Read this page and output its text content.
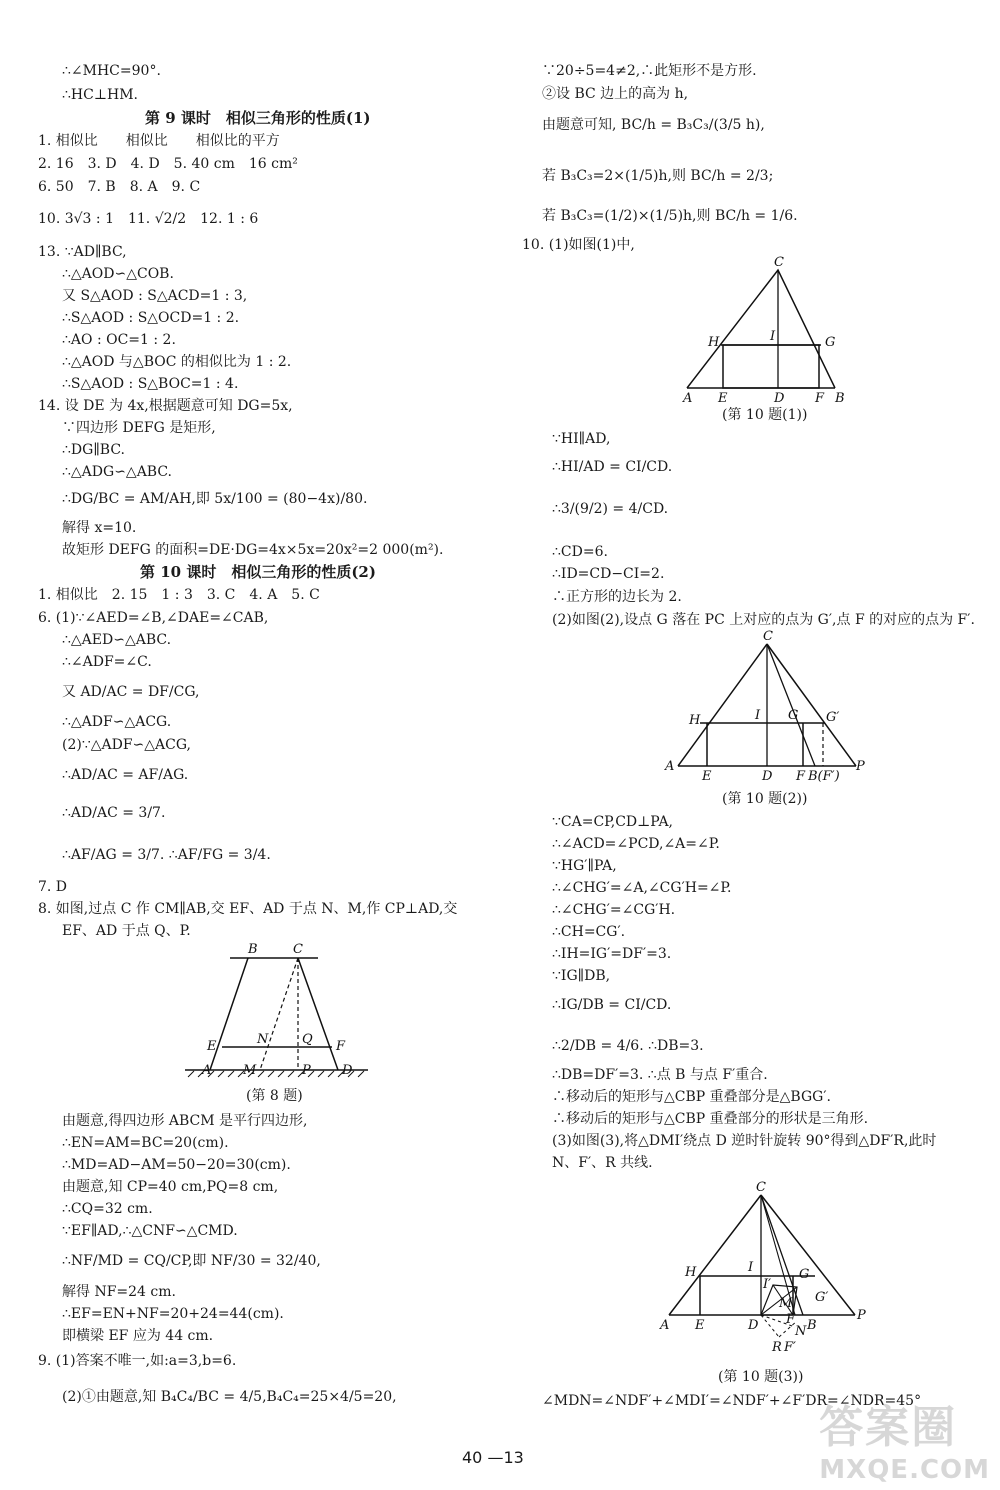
∴∠MHC=90°.
∴HC⊥HM.
第 9 课时　相似三角形的性质(1)
1. 相似比　　相似比　　相似比的平方
2. 16　3. D　4. D　5. 40 cm　16 cm²
6. 50　7. B　8. A　9. C
10. 3√3 : 1　11. √2/2　12. 1 : 6
13. ∵AD∥BC,
∴△AOD∽△COB.
又 S△AOD : S△ACD=1 : 3,
∴S△AOD : S△OCD=1 : 2.
∴AO : OC=1 : 2.
∴△AOD 与△BOC 的相似比为 1 : 2.
∴S△AOD : S△BOC=1 : 4.
14. 设 DE 为 4x,根据题意可知 DG=5x,
∵四边形 DEFG 是矩形,
∴DG∥BC.
∴△ADG∽△ABC.
∴DG/BC = AM/AH,即 5x/100 = (80−4x)/80.
解得 x=10.
故矩形 DEFG 的面积=DE·DG=4x×5x=20x²=2 000(m²).
第 10 课时　相似三角形的性质(2)
1. 相似比　2. 15　1 : 3　3. C　4. A　5. C
6. (1)∵∠AED=∠B,∠DAE=∠CAB,
∴△AED∽△ABC.
∴∠ADF=∠C.
又 AD/AC = DF/CG,
∴△ADF∽△ACG.
(2)∵△ADF∽△ACG,
∴AD/AC = AF/AG.
∴AD/AC = 3/7.
∴AF/AG = 3/7. ∴AF/FG = 3/4.
7. D
8. 如图,过点 C 作 CM∥AB,交 EF、AD 于点 N、M,作 CP⊥AD,交
EF、AD 于点 Q、P.
B	C
E	N	Q F
A M	P D
(第 8 题)
由题意,得四边形 ABCM 是平行四边形,
∴EN=AM=BC=20(cm).
∴MD=AD−AM=50−20=30(cm).
由题意,知 CP=40 cm,PQ=8 cm,
∴CQ=32 cm.
∵EF∥AD,∴△CNF∽△CMD.
∴NF/MD = CQ/CP,即 NF/30 = 32/40,
解得 NF=24 cm.
∴EF=EN+NF=20+24=44(cm).
即横梁 EF 应为 44 cm.
9. (1)答案不唯一,如:a=3,b=6.
(2)①由题意,知 B₄C₄/BC = 4/5,B₄C₄=25×4/5=20,
∵20÷5=4≠2,∴此矩形不是方形.
②设 BC 边上的高为 h,
由题意可知, BC/h = B₃C₃/(3/5 h),
若 B₃C₃=2×(1/5)h,则 BC/h = 2/3;
若 B₃C₃=(1/2)×(1/5)h,则 BC/h = 1/6.
10. (1)如图(1)中,
C
H	I	G
A E	D F B
(第 10 题(1))
∵HI∥AD,
∴HI/AD = CI/CD.
∴3/(9/2) = 4/CD.
∴CD=6.
∴ID=CD−CI=2.
∴正方形的边长为 2.
(2)如图(2),设点 G 落在 PC 上对应的点为 G′,点 F 的对应的点为 F′.
C
H	I G G′
A
E	D F B(F′)
P
(第 10 题(2))
∵CA=CP,CD⊥PA,
∴∠ACD=∠PCD,∠A=∠P.
∵HG′∥PA,
∴∠CHG′=∠A,∠CG′H=∠P.
∴∠CHG′=∠CG′H.
∴CH=CG′.
∴IH=IG′=DF′=3.
∵IG∥DB,
∴IG/DB = CI/CD.
∴2/DB = 4/6. ∴DB=3.
∴DB=DF′=3. ∴点 B 与点 F′重合.
∴移动后的矩形与△CBP 重叠部分是△BGG′.
∴移动后的矩形与△CBP 重叠部分的形状是三角形.
(3)如图(3),将△DMI′绕点 D 逆时针旋转 90°得到△DF′R,此时
N、F′、R 共线.
C
H	I
I′
G
M G′
A E	D F
N B
P
R F′
(第 10 题(3))
∠MDN=∠NDF′+∠MDI′=∠NDF′+∠F′DR=∠NDR=45°
40 —13
答案圈
MXQE.COM
